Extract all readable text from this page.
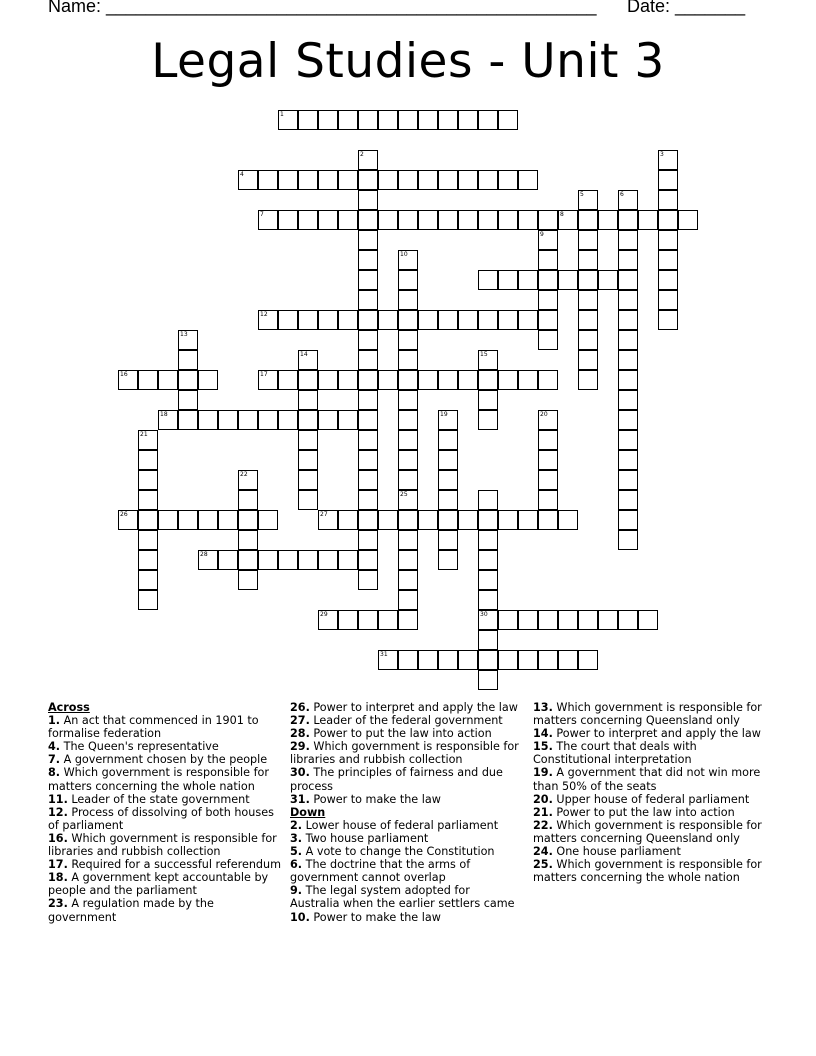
Name: _________________________________________________ Date: _______
Legal Studies - Unit 3
1
4
7	8
12
16	17
18
26	27
28
29	30
31
2	3
5	6
9
10
25
13
14	15
21
19	20
22
Across
1. An act that commenced in 1901 to formalise federation
4. The Queen's representative
7. A government chosen by the people
8. Which government is responsible for matters concerning the whole nation
11. Leader of the state government
12. Process of dissolving of both houses of parliament
16. Which government is responsible for libraries and rubbish collection
17. Required for a successful referendum
18. A government kept accountable by people and the parliament
23. A regulation made by the government
26. Power to interpret and apply the law
27. Leader of the federal government
28. Power to put the law into action
29. Which government is responsible for libraries and rubbish collection
30. The principles of fairness and due process
31. Power to make the law
Down
2. Lower house of federal parliament
3. Two house parliament
5. A vote to change the Constitution
6. The doctrine that the arms of government cannot overlap
9. The legal system adopted for Australia when the earlier settlers came
10. Power to make the law
13. Which government is responsible for matters concerning Queensland only
14. Power to interpret and apply the law
15. The court that deals with Constitutional interpretation
19. A government that did not win more than 50% of the seats
20. Upper house of federal parliament
21. Power to put the law into action
22. Which government is responsible for matters concerning Queensland only
24. One house parliament
25. Which government is responsible for matters concerning the whole nation
